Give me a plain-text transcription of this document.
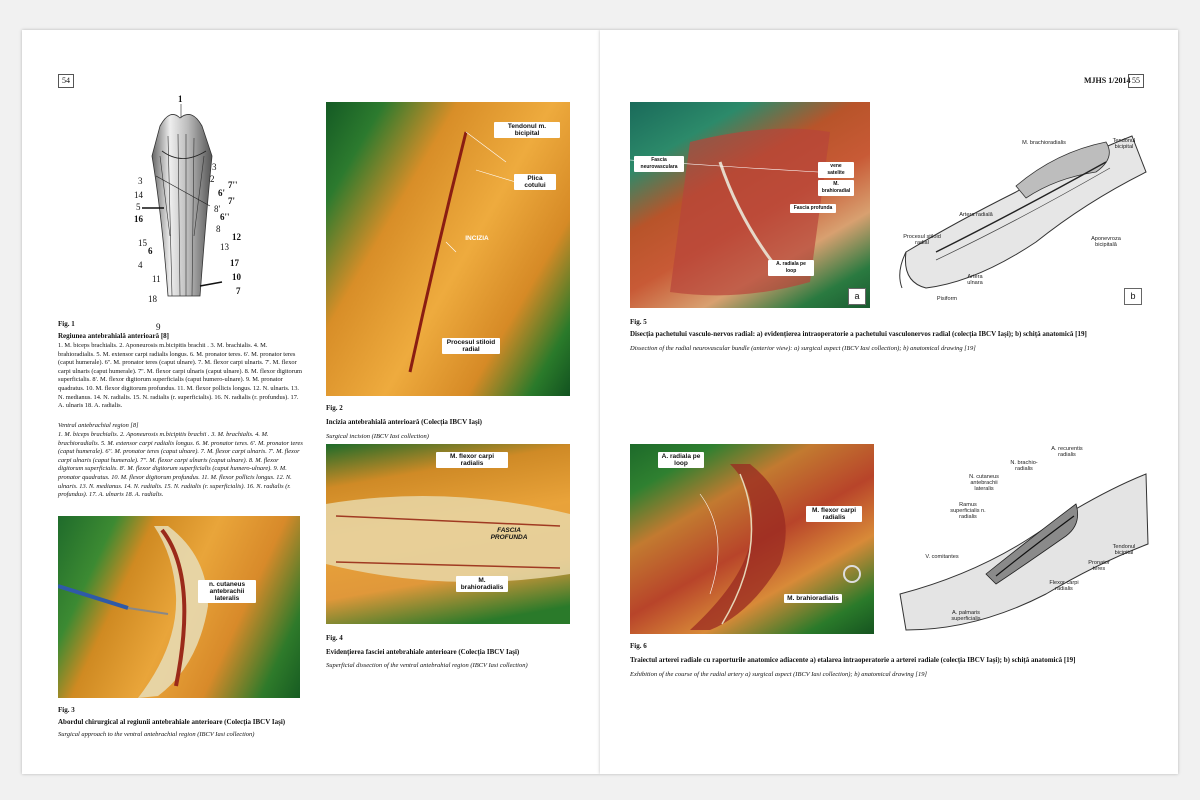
54
1
3
3
2
14	6'
7''
5
7'
8'
16	6''
8
12
15	13
6
4	17
11	10
18
7
9
Fig. 1
Regiunea antebrahială anterioară [8]
1. M. biceps brachialis. 2. Aponeurosis m.bicipitis brachii . 3. M. brachialis. 4. M. brahioradialis. 5. M. extensor carpi radialis longus. 6. M. pronator teres. 6'. M. pronator teres (caput humerale). 6''. M. pronator teres (caput ulnare). 7. M. flexor carpi ulnaris. 7'. M. flexor carpi ulnaris (caput humerale). 7''. M. flexor carpi ulnaris (caput ulnare). 8. M. flexor digitorum superficialis. 8'. M. flexor digitorum superficialis (caput humero-ulnare). 9. M. pronator quadratus. 10. M. flexor digitorum profundus. 11. M. flexor pollicis longus. 12. N. ulnaris. 13. N. medianus. 14. N. radialis. 15. N. radialis (r. superficialis). 16. N. radialis (r. profundus). 17. A. ulnaris 18. A. radialis.
Ventral antebrachial region [8]
1. M. biceps brachialis. 2. Aponeurosis m.bicipitis brachii . 3. M. brachialis. 4. M. brachioradialis. 5. M. extensor carpi radialis longus. 6. M. pronator teres. 6'. M. pronator teres (caput humerale). 6''. M. pronator teres (caput ulnare). 7. M. flexor carpi ulnaris. 7'. M. flexor carpi ulnaris (caput humerale). 7''. M. flexor carpi ulnaris (caput ulnare). 8. M. flexor digitorum superficialis. 8'. M. flexor digitorum superficialis (caput humero-ulnare). 9. M. pronator quadratus. 10. M. flexor digitorum profundus. 11. M. flexor pollicis longus. 12. N. ulnaris. 13. N. medianus. 14. N. radialis. 15. N. radialis (r. superficialis). 16. N. radialis (r. profundus). 17. A. ulnaris 18. A. radialis.
n. cutaneus antebrachii lateralis
Fig. 3
Abordul chirurgical al regiunii antebrahiale anterioare (Colecția IBCV Iași)
Surgical approach to the ventral antebrachial region (IBCV Iasi collection)
Tendonul m. bicipital
Plica cotului
INCIZIA
Procesul stiloid radial
Fig. 2
Incizia antebrahială anterioară (Colecția IBCV Iași)
Surgical incision (IBCV Iasi collection)
M. flexor carpi radialis
FASCIA PROFUNDA
M. brahioradialis
Fig. 4
Evidențierea fasciei antebrahiale anterioare (Colecția IBCV Iași)
Superficial dissection of the ventral antebrahial region (IBCV Iasi collection)
MJHS 1/2014 55
Fascia neurovasculara	vene satelite
M. brahioradial
Fascia profunda
A. radiala pe loop
a
M. brachioradialis	Tendonul bicipital
Artera radială
Procesul stiloid radial
Aponevroza bicipitală
Artera ulnara
Pisiform	b
Fig. 5
Disecția pachetului vasculo-nervos radial: a) evidențierea intraoperatorie a pachetului vasculonervos radial (colecția IBCV Iași); b) schiță anatomică [19]
Dissection of the radial neurovascular bundle (anterior view): a) surgical aspect (IBCV Iasi collection); b) anatomical drawing [19]
A. radiala pe loop
M. flexor carpi radialis
M. brahioradialis
A. recurentis radialis
N. brachio-radialis
N. cutaneus antebrachii lateralis
Ramus superficialis n. radialis
V. comitantes
Tendonul bicipital
Pronator teres
Flexor carpi radialis
A. palmaris superficialis
Fig. 6
Traiectul arterei radiale cu raporturile anatomice adiacente a) etalarea intraoperatorie a arterei radiale (colecția IBCV Iași); b) schiță anatomică [19]
Exhibition of the course of the radial artery a) surgical aspect (IBCV Iasi collection); b) anatomical drawing [19]
